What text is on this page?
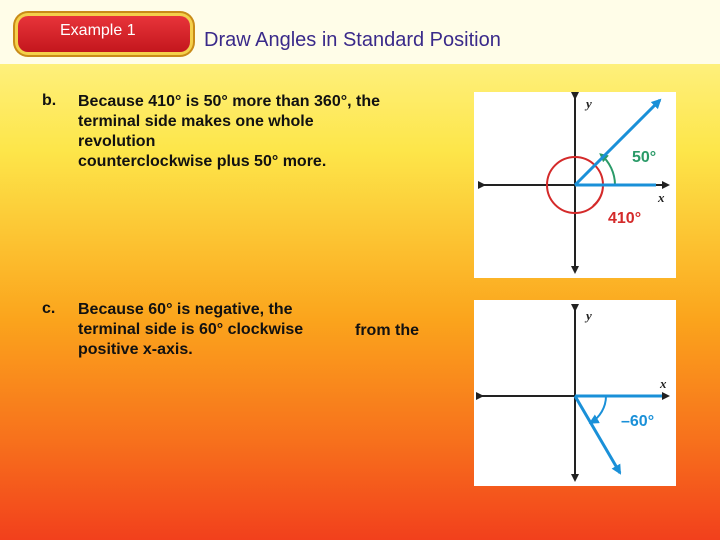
Example 1	Draw Angles in Standard Position
b. Because 410° is 50° more than 360°, the
terminal side makes one whole
revolution
counterclockwise plus 50° more.
c. Because 60° is negative, the
terminal side is 60° clockwise
positive x-axis.
from the
y
x
50°
410°
y
x
–60°
